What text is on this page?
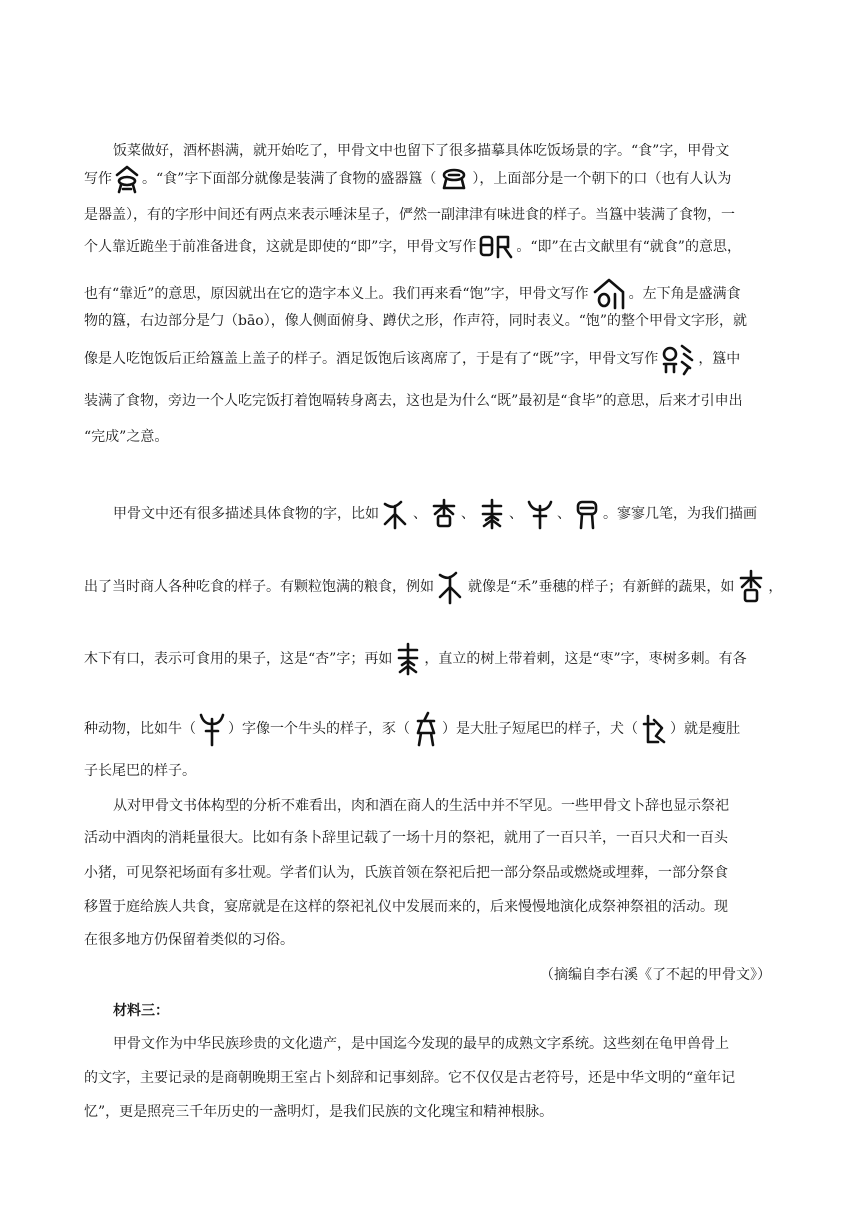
饭菜做好，酒杯斟满，就开始吃了，甲骨文中也留下了很多描摹具体吃饭场景的字。“食”字，甲骨文
写作 。“食”字下面部分就像是装满了食物的盛器簋（	），上面部分是一个朝下的口（也有人认为
是器盖），有的字形中间还有两点来表示唾沫星子，俨然一副津津有味进食的样子。当簋中装满了食物，一
个人靠近跪坐于前准备进食，这就是即使的“即”字，甲骨文写作	。“即”在古文献里有“就食”的意思，
也有“靠近”的意思，原因就出在它的造字本义上。我们再来看“饱”字，甲骨文写作	。左下角是盛满食
物的簋，右边部分是勹（bāo），像人侧面俯身、蹲伏之形，作声符，同时表义。“饱”的整个甲骨文字形，就
像是人吃饱饭后正给簋盖上盖子的样子。酒足饭饱后该离席了，于是有了“既”字，甲骨文写作	，簋中
装满了食物，旁边一个人吃完饭打着饱嗝转身离去，这也是为什么“既”最初是“食毕”的意思，后来才引申出
“完成”之意。
甲骨文中还有很多描述具体食物的字，比如 、 、 、 、 。寥寥几笔，为我们描画
出了当时商人各种吃食的样子。有颗粒饱满的粮食，例如 就像是“禾”垂穗的样子；有新鲜的蔬果，如 ，
木下有口，表示可食用的果子，这是“杏”字；再如 ，直立的树上带着刺，这是“枣”字，枣树多刺。有各
种动物，比如牛（ ）字像一个牛头的样子，豕（ ）是大肚子短尾巴的样子，犬（ ）就是瘦肚
子长尾巴的样子。
从对甲骨文书体构型的分析不难看出，肉和酒在商人的生活中并不罕见。一些甲骨文卜辞也显示祭祀
活动中酒肉的消耗量很大。比如有条卜辞里记载了一场十月的祭祀，就用了一百只羊，一百只犬和一百头
小猪，可见祭祀场面有多壮观。学者们认为，氏族首领在祭祀后把一部分祭品或燃烧或埋葬，一部分祭食
移置于庭给族人共食，宴席就是在这样的祭祀礼仪中发展而来的，后来慢慢地演化成祭神祭祖的活动。现
在很多地方仍保留着类似的习俗。
（摘编自李右溪《了不起的甲骨文》）
材料三：
甲骨文作为中华民族珍贵的文化遗产，是中国迄今发现的最早的成熟文字系统。这些刻在龟甲兽骨上
的文字，主要记录的是商朝晚期王室占卜刻辞和记事刻辞。它不仅仅是古老符号，还是中华文明的“童年记
忆”，更是照亮三千年历史的一盏明灯，是我们民族的文化瑰宝和精神根脉。
